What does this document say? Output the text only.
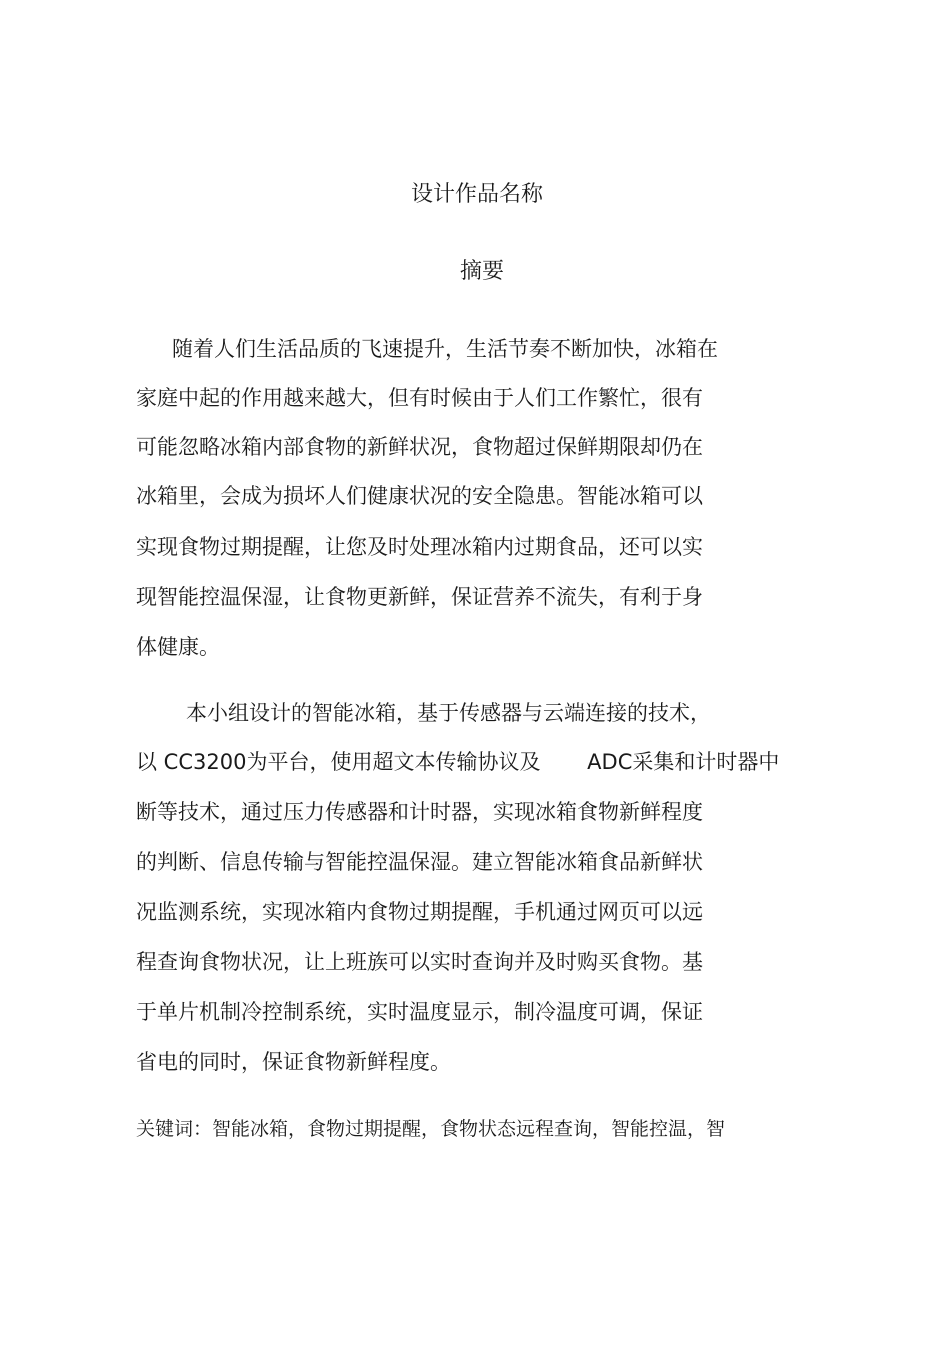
设计作品名称
摘要
随着人们生活品质的飞速提升，生活节奏不断加快，冰箱在
家庭中起的作用越来越大，但有时候由于人们工作繁忙，很有
可能忽略冰箱内部食物的新鲜状况，食物超过保鲜期限却仍在
冰箱里，会成为损坏人们健康状况的安全隐患。智能冰箱可以
实现食物过期提醒，让您及时处理冰箱内过期食品，还可以实
现智能控温保湿，让食物更新鲜，保证营养不流失，有利于身
体健康。
本小组设计的智能冰箱，基于传感器与云端连接的技术，
以 CC3200为平台，使用超文本传输协议及       ADC采集和计时器中
断等技术，通过压力传感器和计时器，实现冰箱食物新鲜程度
的判断、信息传输与智能控温保湿。建立智能冰箱食品新鲜状
况监测系统，实现冰箱内食物过期提醒，手机通过网页可以远
程查询食物状况，让上班族可以实时查询并及时购买食物。基
于单片机制冷控制系统，实时温度显示，制冷温度可调，保证
省电的同时，保证食物新鲜程度。
关键词：智能冰箱，食物过期提醒，食物状态远程查询，智能控温，智
